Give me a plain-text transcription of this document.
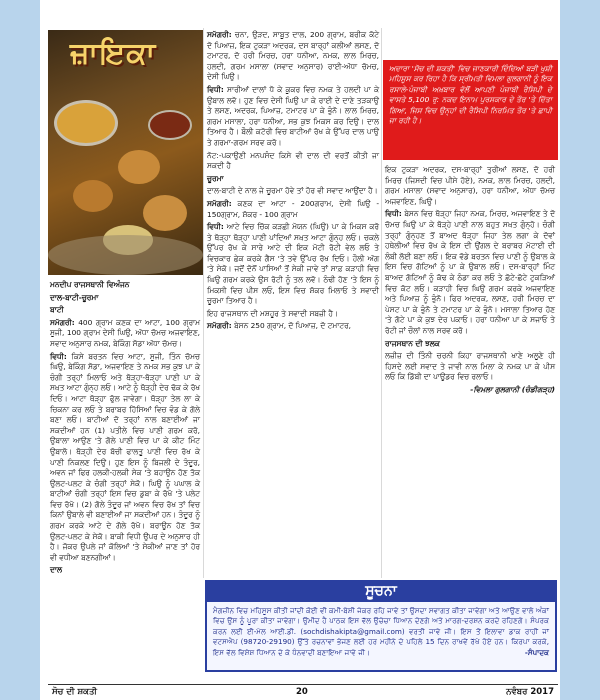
ਜ਼ਾਇਕਾ

ਮਨਦੀਪ ਰਾਜਸਥਾਨੀ ਵਿਅੰਜਨ

ਦਾਲ-ਬਾਟੀ-ਚੂਰਮਾ

ਬਾਟੀ

ਸਮੱਗਰੀ: 400 ਗ੍ਰਾਮ ਕਣਕ ਦਾ ਆਟਾ, 100 ਗ੍ਰਾਮ ਸੂਜੀ, 100 ਗ੍ਰਾਮ ਦੇਸੀ ਘਿਉ, ਅੱਧਾ ਚੱਮਚ ਅਜਵਾਇਣ, ਸਵਾਦ ਅਨੁਸਾਰ ਨਮਕ, ਬੇਕਿੰਗ ਸੋਡਾ ਅੱਧਾ ਚੱਮਚ।

ਵਿਧੀ: ਕਿਸੇ ਬਰਤਨ ਵਿਚ ਆਟਾ, ਸੂਜੀ, ਤਿੰਨ ਚੱਮਚ ਘਿਉ, ਬੇਕਿੰਗ ਸੋਡਾ, ਅਜਵਾਇਣ ਤੇ ਨਮਕ ਸਭ ਕੁਝ ਪਾ ਕੇ ਚੰਗੀ ਤਰ੍ਹਾਂ ਮਿਲਾਓ ਅਤੇ ਥੋੜ੍ਹਾ-ਥੋੜ੍ਹਾ ਪਾਣੀ ਪਾ ਕੇ ਸਖ਼ਤ ਆਟਾ ਗੁੰਨ੍ਹ ਲਓ। ਆਟੇ ਨੂੰ ਥੋੜ੍ਹੀ ਦੇਰ ਢੱਕ ਕੇ ਰੱਖ ਦਿਓ। ਆਟਾ ਥੋੜ੍ਹਾ ਫੁੱਲ ਜਾਵੇਗਾ। ਥੋੜ੍ਹਾ ਤੇਲ ਲਾ ਕੇ ਚਿਕਨਾ ਕਰ ਲਓ ਤੇ ਬਰਾਬਰ ਹਿੱਸਿਆਂ ਵਿਚ ਵੰਡ ਕੇ ਗੋਲੇ ਬਣਾ ਲਓ। ਬਾਟੀਆਂ ਦੋ ਤਰ੍ਹਾਂ ਨਾਲ ਬਣਾਈਆਂ ਜਾ ਸਕਦੀਆਂ ਹਨ (1) ਪਤੀਲੇ ਵਿਚ ਪਾਣੀ ਗਰਮ ਕਰੋ, ਉਬਾਲਾ ਆਉਣ 'ਤੇ ਗੋਲੇ ਪਾਣੀ ਵਿਚ ਪਾ ਕੇ ਕੀਟ ਮਿੰਟ ਉਬਾਲੋ। ਥੋੜ੍ਹੀ ਦੇਰ ਬੱਚੀ ਫਾਲਤੂ ਪਾਣੀ ਵਿਚ ਰੱਖ ਕੇ ਪਾਣੀ ਨਿਕਲਣ ਦਿਉ। ਹੁਣ ਇਸ ਨੂੰ ਬਿਜਲੀ ਦੇ ਤੰਦੂਰ, ਅਵਨ ਜਾਂ ਫਿਰ ਹਲਕੀ-ਹਲਕੀ ਸੇਕ 'ਤੇ ਬਹਾਉਨ ਹੋਣ ਤੱਕ ਉਲਟ-ਪਲਟ ਕੇ ਚੰਗੀ ਤਰ੍ਹਾਂ ਸੇਕੋ। ਘਿਉ ਨੂੰ ਪਘਾਲ ਕੇ ਬਾਟੀਆਂ ਚੰਗੀ ਤਰ੍ਹਾਂ ਇਸ ਵਿਚ ਡੁਬਾ ਕੇ ਰੱਖੋ 'ਤੇ ਪਲੇਟ ਵਿਚ ਰੱਖੋ। (2) ਗੋਲੇ ਤੰਦੂਰ ਜਾਂ ਅਵਨ ਵਿਚ ਰੱਖ ਤਾਂ ਵਿਚ ਕਿਨਾਂ ਉਬਾਲੇ ਵੀ ਬਣਾਈਆਂ ਜਾ ਸਕਦੀਆਂ ਹਨ। ਤੰਦੂਰ ਨੂੰ ਗਰਮ ਕਰਕੇ ਆਟੇ ਦੇ ਗੋਲੇ ਰੱਖੋ। ਬਰਾਊਨ ਹੋਣ ਤੱਕ ਉਲਟ-ਪਲਟ ਕੇ ਸੇਕੋ। ਬਾਕੀ ਵਿਧੀ ਉਪਰ ਦੇ ਅਨੁਸਾਰ ਹੀ ਹੈ। ਜੋਕਰ ਉਪਲੇ ਜਾਂ ਕੋਲਿਆਂ 'ਤੇ ਸੇਕੀਆਂ ਜਾਣ ਤਾਂ ਹੋਰ ਵੀ ਵਧੀਆ ਬਣਨਗੀਆਂ।

ਦਾਲ

ਸਮੱਗਰੀ: ਚਨਾ, ਉੜਦ, ਸਾਬੂਤ ਦਾਲ, 200 ਗ੍ਰਾਮ, ਬਰੀਕ ਕੱਟੇ ਦੋ ਪਿਆਜ਼, ਇਕ ਟੁਕੜਾ ਅਦਰਕ, ਦਸ ਬਾਰ੍ਹਾਂ ਕਲੀਆਂ ਲਸਣ, ਦੋ ਟਮਾਟਰ, ਦੋ ਹਰੀ ਮਿਰਚ, ਹਰਾ ਧਨੀਆ, ਨਮਕ, ਲਾਲ ਮਿਰਚ, ਹਲਦੀ, ਗਰਮ ਮਸਾਲਾ (ਸਵਾਦ ਅਨੁਸਾਰ) ਰਾਈ-ਅੱਧਾ ਚੱਮਚ, ਦੇਸੀ ਘਿਉ।

ਵਿਧੀ: ਸਾਰੀਆਂ ਦਾਲਾਂ ਧੋ ਕੇ ਕੂਕਰ ਵਿਚ ਨਮਕ ਤੇ ਹਲਦੀ ਪਾ ਕੇ ਉਬਾਲ ਲਵੋ। ਹੁਣ ਵਿਚ ਦੇਸੀ ਘਿਉ ਪਾ ਕੇ ਰਾਈ ਦੇ ਦਾਣੇ ਤੜਕਾਉ ਤੇ ਲਸਣ, ਅਦਰਕ, ਪਿਆਜ਼, ਟਮਾਟਰ ਪਾ ਕੇ ਭੁੰਨੋ। ਲਾਲ ਮਿਰਚ, ਗਰਮ ਮਸਾਲਾ, ਹਰਾ ਧਨੀਆ, ਸਭ ਕੁਝ ਮਿਕਸ ਕਰ ਦਿਉ। ਦਾਲ ਤਿਆਰ ਹੈ। ਬੌਲੀ ਕਟੋਰੀ ਵਿਚ ਬਾਟੀਆਂ ਰੱਖ ਕੇ ਉੱਪਰ ਦਾਲ ਪਾਉ ਤੇ ਗਰਮਾ-ਗਰਮ ਸਰਵ ਕਰੋ।

ਨੋਟ:-ਪਕਾਉਣੀ ਮਨਪਸੰਦ ਕਿਸੇ ਵੀ ਦਾਲ ਦੀ ਵਰਤੋਂ ਕੀਤੀ ਜਾ ਸਕਦੀ ਹੈ

ਚੂਰਮਾ

ਦਾਲ-ਬਾਟੀ ਦੇ ਨਾਲ ਜੇ ਚੂਰਮਾ ਹੋਵੇ ਤਾਂ ਹੋਰ ਵੀ ਸਵਾਦ ਆਉਂਦਾ ਹੈ।

ਸਮੱਗਰੀ: ਕਣਕ ਦਾ ਆਟਾ - 200ਗਰਾਮ, ਦੇਸੀ ਘਿਉ - 150ਗ੍ਰਾਮ, ਸ਼ੱਕਰ - 100 ਗ੍ਰਾਮ

ਵਿਧੀ: ਆਟੇ ਵਿਚ ਚਿੱਕ ਕੜਛੀ ਮੋਯਨ (ਘਿਉ) ਪਾ ਕੇ ਮਿਕਸ ਕਰੋ ਤੇ ਥੋੜ੍ਹਾ ਥੋੜ੍ਹਾ ਪਾਣੀ ਪਾਂਦਿਆਂ ਸਖ਼ਤ ਆਟਾ ਗੁੰਨ੍ਹ ਲਓ। ਚਕਲੇ ਉੱਪਰ ਰੱਖ ਕੇ ਸਾਰੇ ਆਟੇ ਦੀ ਇਕ ਮੋਟੀ ਰੋਟੀ ਵੇਲ ਲਓ ਤੇ ਵਿਚਕਾਰ ਛੇਕ ਕਰਕੇ ਗੈਸ 'ਤੇ ਤਵੇ ਉੱਪਰ ਰੱਖ ਦਿਓ। ਹੌਲੀ ਅੱਗ 'ਤੇ ਸੇਕੋ। ਜਦੋਂ ਦੋਨੋਂ ਪਾਸਿਆਂ ਤੋਂ ਸੇਕੀ ਜਾਵੇ ਤਾਂ ਸਾਫ਼ ਕੜਾਹੀ ਵਿਚ ਘਿਉ ਗਰਮ ਕਰਕੇ ਉਸ ਰੋਟੀ ਨੂੰ ਤਲ ਲਵੋ। ਠੰਢੀ ਹੋਣ 'ਤੇ ਇਸ ਨੂੰ ਮਿਕਸੀ ਵਿਚ ਪੀਸ ਲਓ, ਇਸ ਵਿਚ ਸ਼ੱਕਰ ਮਿਲਾਓ ਤੇ ਸਵਾਦੀ ਚੂਰਮਾ ਤਿਆਰ ਹੈ।

ਇਹ ਰਾਜਸਥਾਨ ਦੀ ਮਸ਼ਹੂਰ ਤੇ ਸਵਾਦੀ ਸਬਜ਼ੀ ਹੈ।

ਸਮੱਗਰੀ: ਬੇਸਨ 250 ਗ੍ਰਾਮ, ਦੋ ਪਿਆਜ਼, ਦੋ ਟਮਾਟਰ,

ਅਦਾਰਾ 'ਸੋਚ ਦੀ ਸ਼ਕਤੀ' ਵਿਚ ਜਾਣਕਾਰੀ ਦਿੰਦਿਆਂ ਬੜੀ ਖੁਸ਼ੀ ਮਹਿਸੂਸ ਕਰ ਰਿਹਾ ਹੈ ਕਿ ਸ੍ਰੀਮਤੀ ਵਿਮਲਾ ਗੁਲਗਾਨੀ ਨੂੰ ਇਕ ਰਸਾਲੇ-ਪੰਜਾਬੀ ਅਖ਼ਬਾਰ ਵੱਲੋਂ ਆਪਣੀ ਪੰਜਾਬੀ ਰੈਸਿਪੀ ਦੇ ਵਾਸਤੇ 5,100 ਰੁ: ਨਕਦ ਇਨਾਮ ਪੁਰਸਕਾਰ ਦੇ ਤੌਰ 'ਤੇ ਦਿੱਤਾ ਗਿਆ, ਜਿਸ ਵਿਚ ਉਨ੍ਹਾਂ ਦੀ ਰੈਸਿਪੀ ਨਿਰਮਿਤ ਤੌਰ 'ਤੇ ਛਾਪੀ ਜਾ ਰਹੀ ਹੈ।

ਇਕ ਟੁਕੜਾ ਅਦਰਕ, ਦਸ-ਬਾਰ੍ਹਾਂ ਤੁਰੀਆਂ ਲਸਣ, ਦੋ ਹਰੀ ਮਿਰਚ (ਜਿਸਦੀ ਵਿਚ ਪੀਸੇ ਹੋਏ), ਨਮਕ, ਲਾਲ ਮਿਰਚ, ਹਲਦੀ, ਗਰਮ ਮਸਾਲਾ (ਸਵਾਦ ਅਨੁਸਾਰ), ਹਰਾ ਧਨੀਆ, ਅੱਧਾ ਚੱਮਚ ਅਜਵਾਇਣ, ਘਿਉ।

ਵਿਧੀ: ਬੇਸਨ ਵਿਚ ਥੋੜ੍ਹਾ ਜਿਹਾ ਨਮਕ, ਮਿਰਚ, ਅਜਵਾਇਣ ਤੇ ਦੋ ਚੱਮਚ ਘਿਉ ਪਾ ਕੇ ਥੋੜ੍ਹੇ ਪਾਣੀ ਨਾਲ ਬਹੁਤ ਸਖ਼ਤ ਗੁੰਨ੍ਹੋ। ਚੰਗੀ ਤਰ੍ਹਾਂ ਗੁੰਨ੍ਹਣ ਤੋਂ ਬਾਅਦ ਥੋੜ੍ਹਾ ਜਿਹਾ ਤੇਲ ਲਗਾ ਕੇ ਦੋਵਾਂ ਹਥੇਲੀਆਂ ਵਿਚ ਰੱਖ ਕੇ ਇਸ ਦੀ ਉਂਗਲ ਦੇ ਬਰਾਬਰ ਮੋਟਾਈ ਦੀ ਲੰਬੀ ਲੋਈ ਬਣਾ ਲਓ। ਇਕ ਵੱਡੇ ਬਰਤਨ ਵਿਚ ਪਾਣੀ ਨੂੰ ਉਬਾਲ ਕੇ ਇਸ ਵਿਚ ਗੱਟਿਆਂ ਨੂੰ ਪਾ ਕੇ ਉਬਾਲ ਲਓ। ਦਸ-ਬਾਰ੍ਹਾਂ ਮਿੰਟ ਬਾਅਦ ਗੱਟਿਆਂ ਨੂੰ ਕੱਢ ਕੇ ਠੰਡਾ ਕਰ ਲਓ ਤੇ ਛੋਟੇ-ਛੋਟੇ ਟੁਕੜਿਆਂ ਵਿਚ ਕੱਟ ਲਓ। ਕੜਾਹੀ ਵਿਚ ਘਿਉ ਗਰਮ ਕਰਕੇ ਅਜਵਾਇਣ ਅਤੇ ਪਿਆਜ਼ ਨੂੰ ਭੁੰਨੋ। ਫਿਰ ਅਦਰਕ, ਲਸਣ, ਹਰੀ ਮਿਰਚ ਦਾ ਪੇਸਟ ਪਾ ਕੇ ਭੁੰਨੋ ਤੇ ਟਮਾਟਰ ਪਾ ਕੇ ਭੁੰਨੋ। ਮਸਾਲਾ ਤਿਆਰ ਹੋਣ 'ਤੇ ਗੱਟੇ ਪਾ ਕੇ ਕੁਝ ਦੇਰ ਪਕਾਓ। ਹਰਾ ਧਨੀਆ ਪਾ ਕੇ ਸਜਾਓ ਤੇ ਰੋਟੀ ਜਾਂ ਚੌਲਾਂ ਨਾਲ ਸਰਵ ਕਰੋ।

ਰਾਜਸਥਾਨ ਦੀ ਝਲਕ

ਲਜ਼ੀਜ਼ ਦੀ ਤਿੰਨੀ ਚਰਨੀ ਕਿਹਾ ਰਾਜਸਥਾਨੀ ਖਾਣੇ ਅਲੂਣੇ ਹੀ ਹਿਸਦੇ ਲਈ ਸਵਾਦ ਤੇ ਜਾਵੀ ਨਾਲ ਮਿਲਾ ਕੇ ਨਮਕ ਪਾ ਕੇ ਪੀਸ ਲਓ ਕਿ ਡਿੱਬੀ ਦਾ ਪਾਊਡਰ ਵਿਚ ਰਲਾਓ।

-ਵਿਮਲਾ ਗੁਲਗਾਨੀ (ਚੰਡੀਗੜ੍ਹ)

ਸੂਚਨਾ
ਮੈਗਜ਼ੀਨ ਵਿਚ ਮਹਿਸੂਸ ਕੀਤੀ ਜਾਂਦੀ ਕੋਈ ਵੀ ਕਮੀ-ਬੇਸ਼ੀ ਜੇਕਰ ਰਹਿ ਜਾਵੇ ਤਾਂ ਉਸਦਾ ਸਵਾਗਤ ਕੀਤਾ ਜਾਵੇਗਾ ਅਤੇ ਆਉਣ ਵਾਲੇ ਅੰਕਾਂ ਵਿਚ ਉਸ ਨੂੰ ਪੂਰਾ ਕੀਤਾ ਜਾਵੇਗਾ। ਉਮੀਦ ਹੈ ਪਾਠਕ ਇਸ ਵੱਲ ਉਚੇਚਾ ਧਿਆਨ ਦੇਣਗੇ ਅਤੇ ਮਾਰਗ-ਦਰਸ਼ਨ ਕਰਦੇ ਰਹਿਣਗੇ। ਸੰਪਰਕ ਕਰਨ ਲਈ ਈ-ਮੇਲ ਆਈ.ਡੀ. (sochdishakipta@gmail.com) ਵਰਤੀ ਜਾਵੇ ਜੀ। ਇਸ ਤੋਂ ਇਲਾਵਾ ਡਾਕ ਰਾਹੀਂ ਜਾਂ ਵਟਸਐਪ (98720-29190) ਉੱਤੇ ਰਚਨਾਵਾਂ ਭੇਜਣ ਲਈ ਹਰ ਮਹੀਨੇ ਦੇ ਪਹਿਲੇ 15 ਦਿਨ ਰਾਖਵੇਂ ਰੱਖੇ ਹੋਏ ਹਨ। ਕਿਰਪਾ ਕਰਕੇ, ਇਸ ਵੱਲ ਵਿਸ਼ੇਸ਼ ਧਿਆਨ ਦੇ ਕੇ ਧੰਨਵਾਦੀ ਬਣਾਇਆ ਜਾਵੇ ਜੀ।	-ਸੰਪਾਦਕ
ਸੋਚ ਦੀ ਸ਼ਕਤੀ	20	ਨਵੰਬਰ 2017
